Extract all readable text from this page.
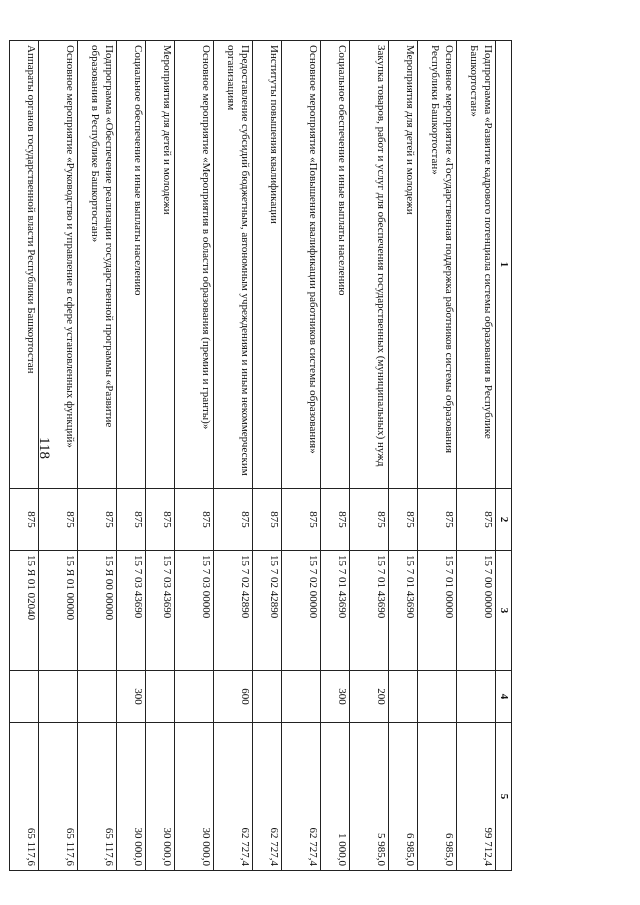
118
1	2	3	4	5
Подпрограмма «Развитие кадрового потенциала системы образования в Республике Башкортостан»	875	15 7 00 00000		99 712,4
Основное мероприятие «Государственная поддержка работников системы образования Республики Башкортостан»	875	15 7 01 00000		6 985,0
Мероприятия для детей и молодежи	875	15 7 01 43690		6 985,0
Закупка товаров, работ и услуг для обеспечения государственных (муниципальных) нужд	875	15 7 01 43690	200	5 985,0
Социальное обеспечение и иные выплаты населению	875	15 7 01 43690	300	1 000,0
Основное мероприятие «Повышение квалификации работников системы образования»	875	15 7 02 00000		62 727,4
Институты повышения квалификации	875	15 7 02 42890		62 727,4
Предоставление субсидий бюджетным, автономным учреждениям и иным некоммерческим организациям	875	15 7 02 42890	600	62 727,4
Основное мероприятие «Мероприятия в области образования (премии и гранты)»	875	15 7 03 00000		30 000,0
Мероприятия для детей и молодежи	875	15 7 03 43690		30 000,0
Социальное обеспечение и иные выплаты населению	875	15 7 03 43690	300	30 000,0
Подпрограмма «Обеспечение реализации государственной программы «Развитие образования в Республике Башкортостан»	875	15 Я 00 00000		65 117,6
Основное мероприятие «Руководство и управление в сфере установленных функций»	875	15 Я 01 00000		65 117,6
Аппараты органов государственной власти Республики Башкортостан	875	15 Я 01 02040		65 117,6
